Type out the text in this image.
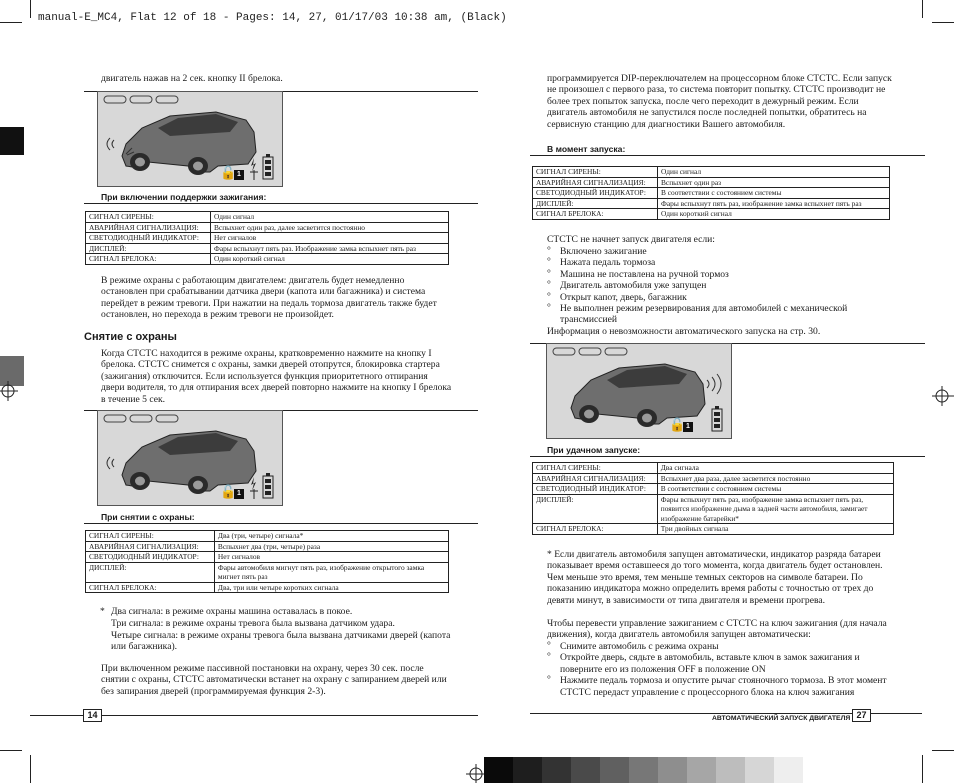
manual-E_MC4, Flat 12 of 18 - Pages: 14, 27, 01/17/03 10:38 am, (Black)
двигатель нажав на 2 сек. кнопку II брелока.
1
🔓
При включении поддержки зажигания:
СИГНАЛ СИРЕНЫ:	Один сигнал
АВАРИЙНАЯ СИГНАЛИЗАЦИЯ:	Вспыхнет один раз, далее засветится постоянно
СВЕТОДИОДНЫЙ ИНДИКАТОР:	Нет сигналов
ДИСПЛЕЙ:	Фары вспыхнут пять раз. Изображение замка вспыхнет пять раз
СИГНАЛ БРЕЛОКА:	Один короткий сигнал
В режиме охраны с работающим двигателем: двигатель будет немедленно остановлен при срабатывании датчика двери (капота или багажника) и система перейдет в режим тревоги. При нажатии на педаль тормоза двигатель также будет остановлен, но перехода в режим тревоги не произойдет.
Снятие с охраны
Когда СТСТС находится в режиме охраны, кратковременно нажмите на кнопку I брелока. СТСТС снимется с охраны, замки дверей отопрутся, блокировка стартера (зажигания) отключится. Если используется функция приоритетного отпирания двери водителя, то для отпирания всех дверей повторно нажмите на кнопку I брелока в течение 5 сек.
1
🔓
При снятии с охраны:
СИГНАЛ СИРЕНЫ:	Два (три, четыре) сигнала*
АВАРИЙНАЯ СИГНАЛИЗАЦИЯ:	Вспыхнет два (три, четыре) раза
СВЕТОДИОДНЫЙ ИНДИКАТОР:	Нет сигналов
ДИСПЛЕЙ:	Фары автомобиля мигнут пять раз, изображение открытого замка мигнет пять раз
СИГНАЛ БРЕЛОКА:	Два, три или четыре коротких сигнала
* Два сигнала: в режиме охраны машина оставалась в покое.
Три сигнала: в режиме охраны тревога была вызвана датчиком удара.
Четыре сигнала: в режиме охраны тревога была вызвана датчиками дверей (капота или багажника).
При включенном режиме пассивной постановки на охрану, через 30 сек. после снятии с охраны, СТСТС автоматически встанет на охрану с запиранием дверей или без запирания дверей (программируемая функция 2-3).
14
программируется DIP-переключателем на процессорном блоке СТСТС. Если запуск не произошел с первого раза, то система повторит попытку. СТСТС производит не более трех попыток запуска, после чего переходит в дежурный режим. Если двигатель автомобиля не запустился после последней попытки, обратитесь на сервисную станцию для диагностики Вашего автомобиля.
В момент запуска:
СИГНАЛ СИРЕНЫ:	Один сигнал
АВАРИЙНАЯ СИГНАЛИЗАЦИЯ:	Вспыхнет один раз
СВЕТОДИОДНЫЙ ИНДИКАТОР:	В соответствии с состоянием системы
ДИСПЛЕЙ:	Фары вспыхнут пять раз, изображение замка вспыхнет пять раз
СИГНАЛ БРЕЛОКА:	Один короткий сигнал
СТСТС не начнет запуск двигателя если:
° Включено зажигание
° Нажата педаль тормоза
° Машина не поставлена на ручной тормоз
° Двигатель автомобиля уже запущен
° Открыт капот, дверь, багажник
° Не выполнен режим резервирования для автомобилей с механической трансмиссией
Информация о невозможности автоматического запуска на стр. 30.
1
🔓
При удачном запуске:
СИГНАЛ СИРЕНЫ:	Два сигнала
АВАРИЙНАЯ СИГНАЛИЗАЦИЯ:	Вспыхнет два раза, далее засветится постоянно
СВЕТОДИОДНЫЙ ИНДИКАТОР:	В соответствии с состоянием системы
ДИСПЛЕЙ:	Фары вспыхнут пять раз, изображение замка вспыхнет пять раз, появится изображение дыма в задней части автомобиля, замигает изображение батарейки*
СИГНАЛ БРЕЛОКА:	Три двойных сигнала
* Если двигатель автомобиля запущен автоматически, индикатор разряда батареи показывает время оставшееся до того момента, когда двигатель будет остановлен. Чем меньше это время, тем меньше темных секторов на символе батареи. По показанию индикатора можно определить время работы с точностью от трех до девяти минут, в зависимости от типа двигателя и времени прогрева.
Чтобы перевести управление зажиганием с СТСТС на ключ зажигания (для начала движения), когда двигатель автомобиля запущен автоматически:
° Снимите автомобиль с режима охраны
° Откройте дверь, сядьте в автомобиль, вставьте ключ в замок зажигания и поверните его из положения OFF в положение ON
° Нажмите педаль тормоза и опустите рычаг стояночного тормоза. В этот момент СТСТС передаст управление с процессорного блока на ключ зажигания
АВТОМАТИЧЕСКИЙ ЗАПУСК ДВИГАТЕЛЯ 27
